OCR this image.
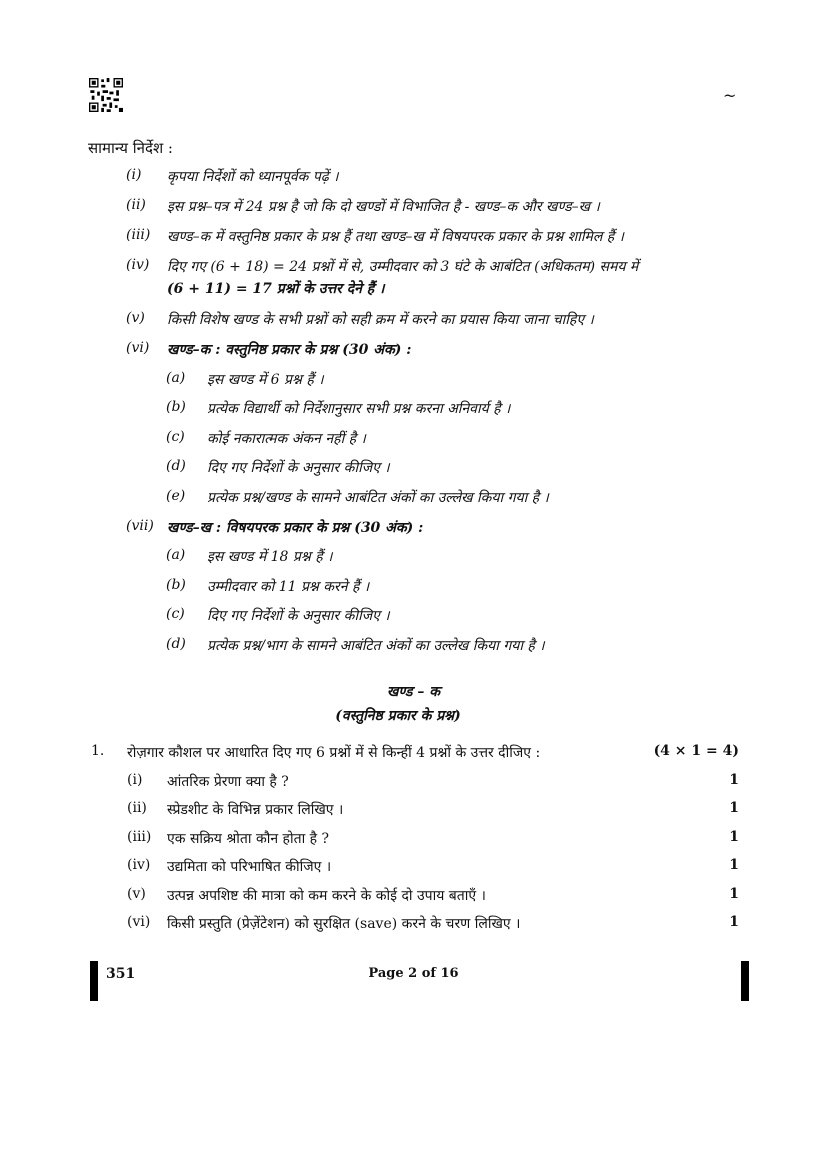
~
सामान्य निर्देश :
(i) कृपया निर्देशों को ध्यानपूर्वक पढ़ें ।
(ii) इस प्रश्न–पत्र में 24 प्रश्न है जो कि दो खण्डों में विभाजित है - खण्ड–क और खण्ड–ख ।
(iii) खण्ड–क में वस्तुनिष्ठ प्रकार के प्रश्न हैं तथा खण्ड–ख में विषयपरक प्रकार के प्रश्न शामिल हैं ।
(iv) दिए गए (6 + 18) = 24 प्रश्नों में से, उम्मीदवार को 3 घंटे के आबंटित (अधिकतम) समय में
(6 + 11) = 17 प्रश्नों के उत्तर देने हैं ।
(v) किसी विशेष खण्ड के सभी प्रश्नों को सही क्रम में करने का प्रयास किया जाना चाहिए ।
(vi) खण्ड–क : वस्तुनिष्ठ प्रकार के प्रश्न (30 अंक) :
(a) इस खण्ड में 6 प्रश्न हैं ।
(b) प्रत्येक विद्यार्थी को निर्देशानुसार सभी प्रश्न करना अनिवार्य है ।
(c) कोई नकारात्मक अंकन नहीं है ।
(d) दिए गए निर्देशों के अनुसार कीजिए ।
(e) प्रत्येक प्रश्न/खण्ड के सामने आबंटित अंकों का उल्लेख किया गया है ।
(vii) खण्ड–ख : विषयपरक प्रकार के प्रश्न (30 अंक) :
(a) इस खण्ड में 18 प्रश्न हैं ।
(b) उम्मीदवार को 11 प्रश्न करने हैं ।
(c) दिए गए निर्देशों के अनुसार कीजिए ।
(d) प्रत्येक प्रश्न/भाग के सामने आबंटित अंकों का उल्लेख किया गया है ।
खण्ड – क
(वस्तुनिष्ठ प्रकार के प्रश्न)
1. रोज़गार कौशल पर आधारित दिए गए 6 प्रश्नों में से किन्हीं 4 प्रश्नों के उत्तर दीजिए :	(4 × 1 = 4)
(i) आंतरिक प्रेरणा क्या है ?	1
(ii) स्प्रेडशीट के विभिन्न प्रकार लिखिए ।	1
(iii) एक सक्रिय श्रोता कौन होता है ?	1
(iv) उद्यमिता को परिभाषित कीजिए ।	1
(v) उत्पन्न अपशिष्ट की मात्रा को कम करने के कोई दो उपाय बताएँ ।	1
(vi) किसी प्रस्तुति (प्रेज़ेंटेशन) को सुरक्षित (save) करने के चरण लिखिए ।	1
351	Page 2 of 16
